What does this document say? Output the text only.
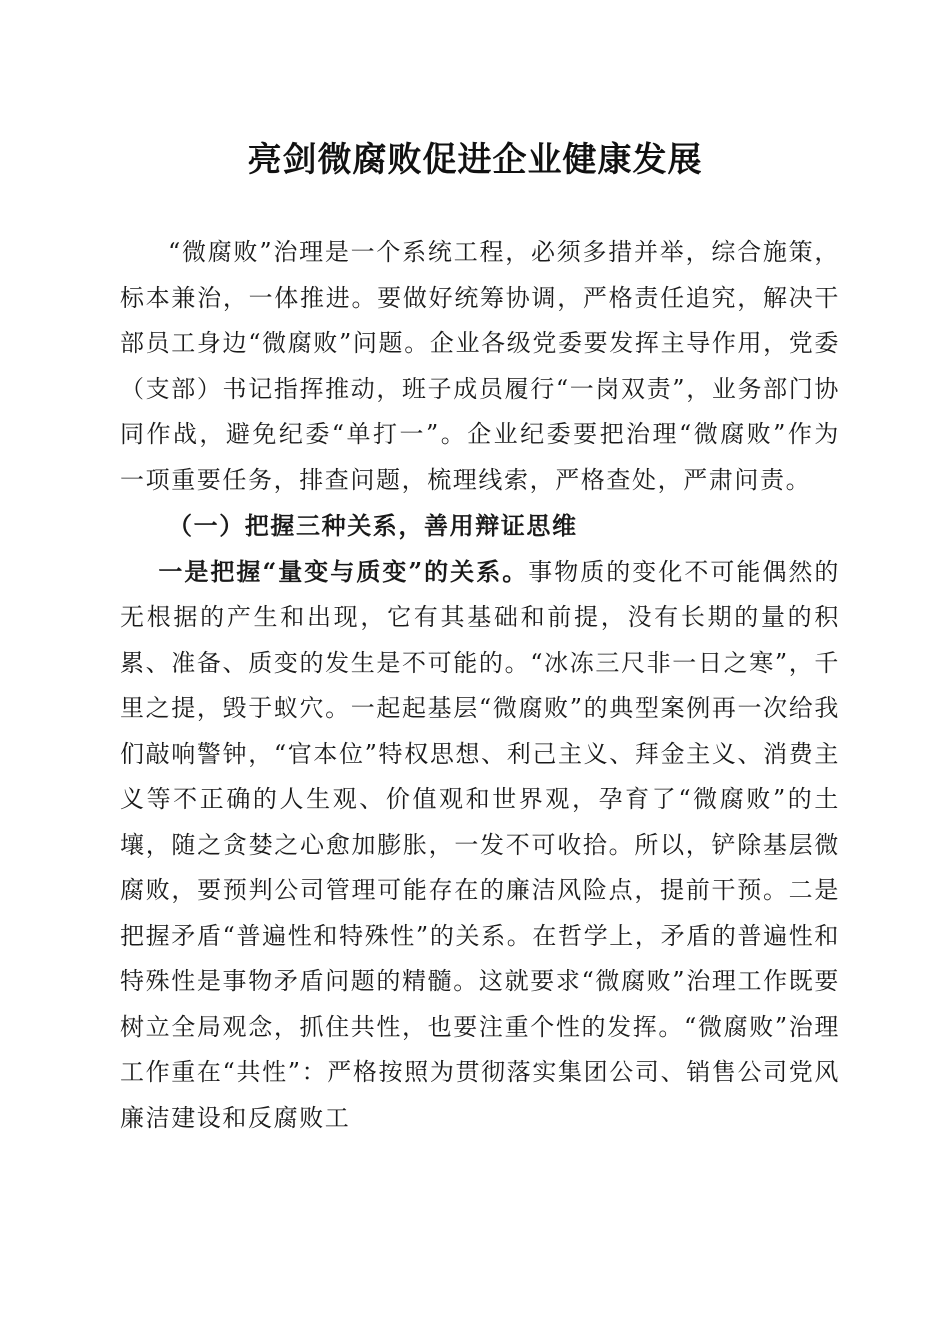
亮剑微腐败促进企业健康发展

“微腐败”治理是一个系统工程，必须多措并举，综合施策，标本兼治，一体推进。要做好统筹协调，严格责任追究，解决干部员工身边“微腐败”问题。企业各级党委要发挥主导作用，党委（支部）书记指挥推动，班子成员履行“一岗双责”，业务部门协同作战，避免纪委“单打一”。企业纪委要把治理“微腐败”作为一项重要任务，排查问题，梳理线索，严格查处，严肃问责。

（一）把握三种关系，善用辩证思维

一是把握“量变与质变”的关系。事物质的变化不可能偶然的无根据的产生和出现，它有其基础和前提，没有长期的量的积累、准备、质变的发生是不可能的。“冰冻三尺非一日之寒”，千里之提，毁于蚁穴。一起起基层“微腐败”的典型案例再一次给我们敲响警钟，“官本位”特权思想、利己主义、拜金主义、消费主义等不正确的人生观、价值观和世界观，孕育了“微腐败”的土壤，随之贪婪之心愈加膨胀，一发不可收拾。所以，铲除基层微腐败，要预判公司管理可能存在的廉洁风险点，提前干预。二是把握矛盾“普遍性和特殊性”的关系。在哲学上，矛盾的普遍性和特殊性是事物矛盾问题的精髓。这就要求“微腐败”治理工作既要树立全局观念，抓住共性，也要注重个性的发挥。“微腐败”治理工作重在“共性”：严格按照为贯彻落实集团公司、销售公司党风廉洁建设和反腐败工
